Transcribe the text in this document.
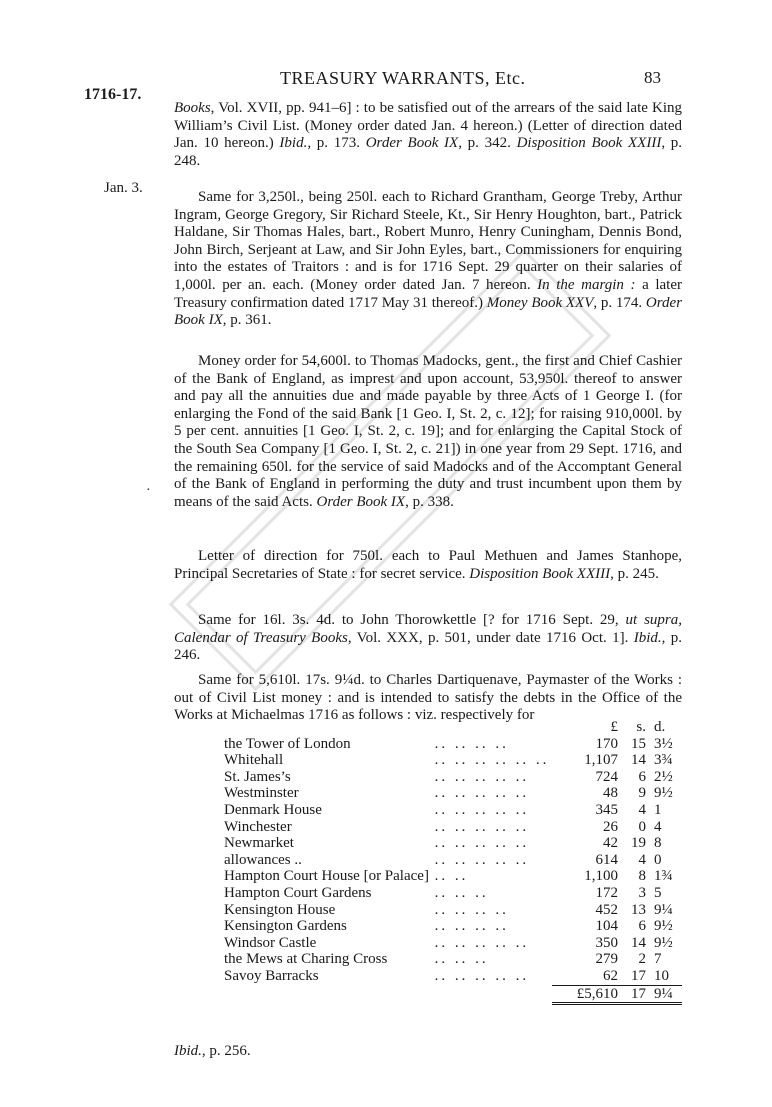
1716-17.
TREASURY WARRANTS, Etc.	83

Books, Vol. XVII, pp. 941–6] : to be satisfied out of the arrears of the said late King William’s Civil List. (Money order dated Jan. 4 hereon.) (Letter of direction dated Jan. 10 hereon.) Ibid., p. 173. Order Book IX, p. 342. Disposition Book XXIII, p. 248.

Jan. 3.

Same for 3,250l., being 250l. each to Richard Grantham, George Treby, Arthur Ingram, George Gregory, Sir Richard Steele, Kt., Sir Henry Houghton, bart., Patrick Haldane, Sir Thomas Hales, bart., Robert Munro, Henry Cuningham, Dennis Bond, John Birch, Serjeant at Law, and Sir John Eyles, bart., Commissioners for enquiring into the estates of Traitors : and is for 1716 Sept. 29 quarter on their salaries of 1,000l. per an. each. (Money order dated Jan. 7 hereon. In the margin : a later Treasury confirmation dated 1717 May 31 thereof.) Money Book XXV, p. 174. Order Book IX, p. 361.

·

Money order for 54,600l. to Thomas Madocks, gent., the first and Chief Cashier of the Bank of England, as imprest and upon account, 53,950l. thereof to answer and pay all the annuities due and made payable by three Acts of 1 George I. (for enlarging the Fond of the said Bank [1 Geo. I, St. 2, c. 12]; for raising 910,000l. by 5 per cent. annuities [1 Geo. I, St. 2, c. 19]; and for enlarging the Capital Stock of the South Sea Company [1 Geo. I, St. 2, c. 21]) in one year from 29 Sept. 1716, and the remaining 650l. for the service of said Madocks and of the Accomptant General of the Bank of England in performing the duty and trust incumbent upon them by means of the said Acts. Order Book IX, p. 338.

Letter of direction for 750l. each to Paul Methuen and James Stanhope, Principal Secretaries of State : for secret service. Disposition Book XXIII, p. 245.

Same for 16l. 3s. 4d. to John Thorowkettle [? for 1716 Sept. 29, ut supra, Calendar of Treasury Books, Vol. XXX, p. 501, under date 1716 Oct. 1]. Ibid., p. 246.

Same for 5,610l. 17s. 9¼d. to Charles Dartiquenave, Paymaster of the Works : out of Civil List money : and is intended to satisfy the debts in the Office of the Works at Michaelmas 1716 as follows : viz. respectively for

		£	s.	d.
the Tower of London	.. .. .. ..	170	15	3½
Whitehall	.. .. .. .. .. ..	1,107	14	3¾
St. James’s	.. .. .. .. ..	724	6	2½
Westminster	.. .. .. .. ..	48	9	9½
Denmark House	.. .. .. .. ..	345	4	1
Winchester	.. .. .. .. ..	26	0	4
Newmarket	.. .. .. .. ..	42	19	8
allowances ..	.. .. .. .. ..	614	4	0
Hampton Court House [or Palace]	.. ..	1,100	8	1¾
Hampton Court Gardens	.. .. ..	172	3	5
Kensington House	.. .. .. ..	452	13	9¼
Kensington Gardens	.. .. .. ..	104	6	9½
Windsor Castle	.. .. .. .. ..	350	14	9½
the Mews at Charing Cross	.. .. ..	279	2	7
Savoy Barracks	.. .. .. .. ..	62	17	10
		£5,610	17	9¼

Ibid., p. 256.
